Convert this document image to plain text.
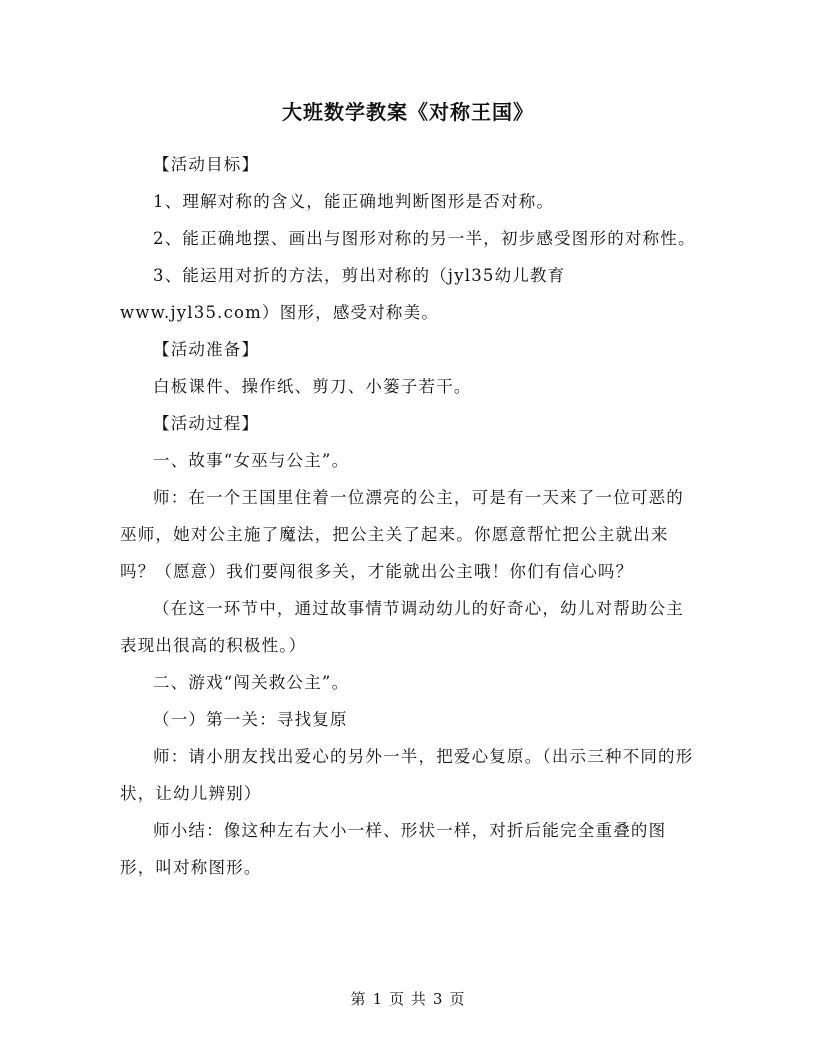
大班数学教案《对称王国》

【活动目标】

1、理解对称的含义，能正确地判断图形是否对称。

2、能正确地摆、画出与图形对称的另一半，初步感受图形的对称性。

3、能运用对折的方法，剪出对称的（jyl35幼儿教育

www.jyl35.com）图形，感受对称美。

【活动准备】

白板课件、操作纸、剪刀、小篓子若干。

【活动过程】

一、故事“女巫与公主”。

师：在一个王国里住着一位漂亮的公主，可是有一天来了一位可恶的巫师，她对公主施了魔法，把公主关了起来。你愿意帮忙把公主就出来吗？（愿意）我们要闯很多关，才能就出公主哦！你们有信心吗？

（在这一环节中，通过故事情节调动幼儿的好奇心，幼儿对帮助公主表现出很高的积极性。）

二、游戏“闯关救公主”。

（一）第一关：寻找复原

师：请小朋友找出爱心的另外一半，把爱心复原。（出示三种不同的形状，让幼儿辨别）

师小结：像这种左右大小一样、形状一样，对折后能完全重叠的图形，叫对称图形。

第 1 页 共 3 页
